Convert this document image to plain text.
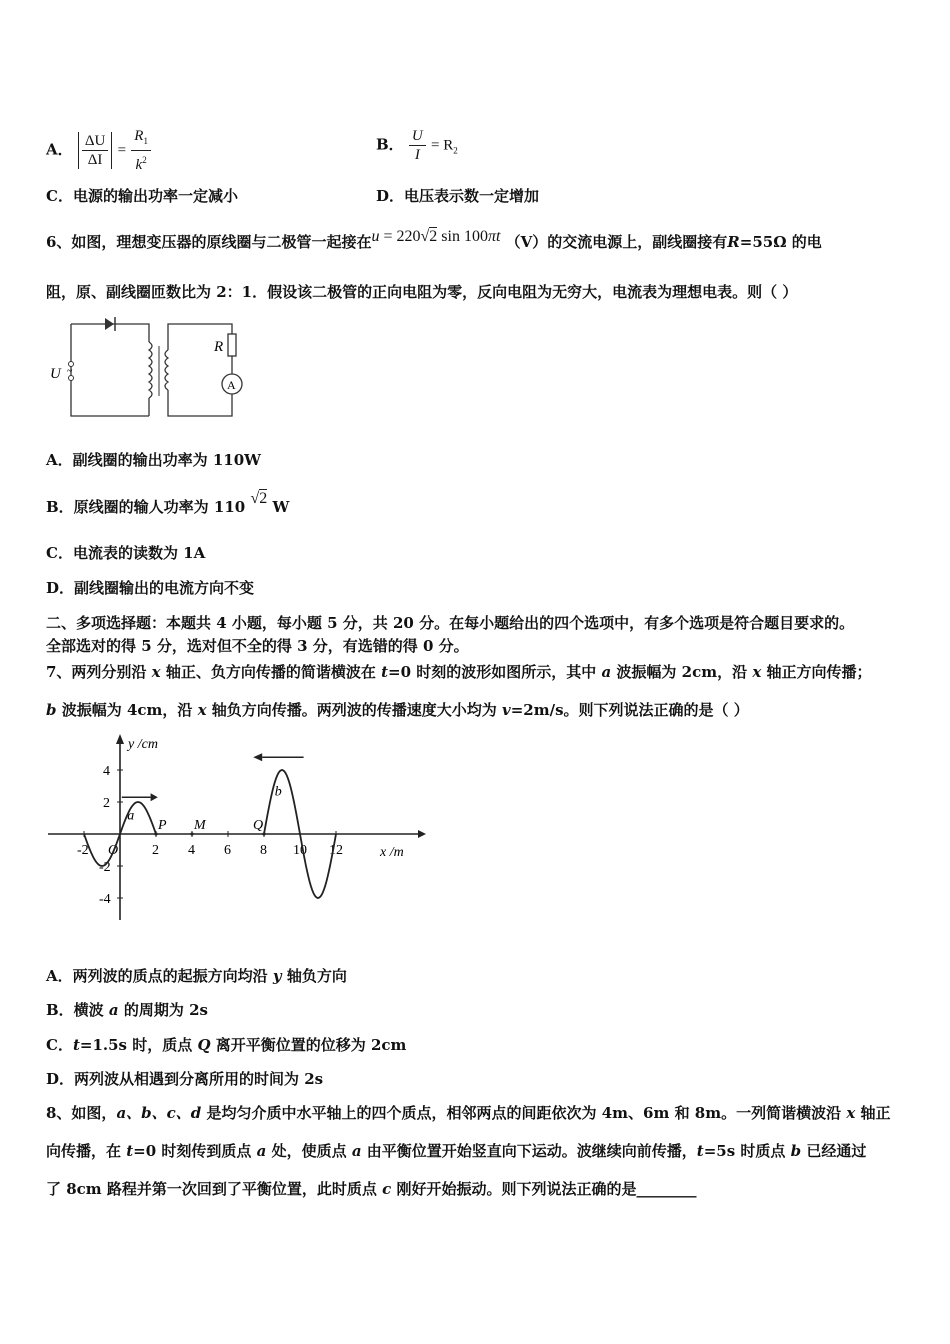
A． $\frac{\Delta U}{\Delta I} = \frac{R_1}{k^2}$	B． $\frac{U}{I} = R_2$
C．电源的输出功率一定减小	D．电压表示数一定增加
6、如图，理想变压器的原线圈与二极管一起接在u = 220√2 sin 100πt （V）的交流电源上，副线圈接有R=55Ω 的电
阻，原、副线圈匝数比为 2：1．假设该二极管的正向电阻为零，反向电阻为无穷大，电流表为理想电表。则（ ）
~
U
R
A
A．副线圈的输出功率为 110W
B．原线圈的输人功率为 110 √2 W
C．电流表的读数为 1A
D．副线圈输出的电流方向不变
二、多项选择题：本题共 4 小题，每小题 5 分，共 20 分。在每小题给出的四个选项中，有多个选项是符合题目要求的。
全部选对的得 5 分，选对但不全的得 3 分，有选错的得 0 分。
7、两列分别沿 x 轴正、负方向传播的简谐横波在 t=0 时刻的波形如图所示，其中 a 波振幅为 2cm，沿 x 轴正方向传播；
b 波振幅为 4cm，沿 x 轴负方向传播。两列波的传播速度大小均为 v=2m/s。则下列说法正确的是（ ）
y /cm
x /m
-2 O 2 4 6 8 10 12
4
2
-2
-4
a
b
P M	Q
A．两列波的质点的起振方向均沿 y 轴负方向
B．横波 a 的周期为 2s
C．t=1.5s 时，质点 Q 离开平衡位置的位移为 2cm
D．两列波从相遇到分离所用的时间为 2s
8、如图，a、b、c、d 是均匀介质中水平轴上的四个质点，相邻两点的间距依次为 4m、6m 和 8m。一列简谐横波沿 x 轴正
向传播，在 t=0 时刻传到质点 a 处，使质点 a 由平衡位置开始竖直向下运动。波继续向前传播，t=5s 时质点 b 已经通过
了 8cm 路程并第一次回到了平衡位置，此时质点 c 刚好开始振动。则下列说法正确的是________
